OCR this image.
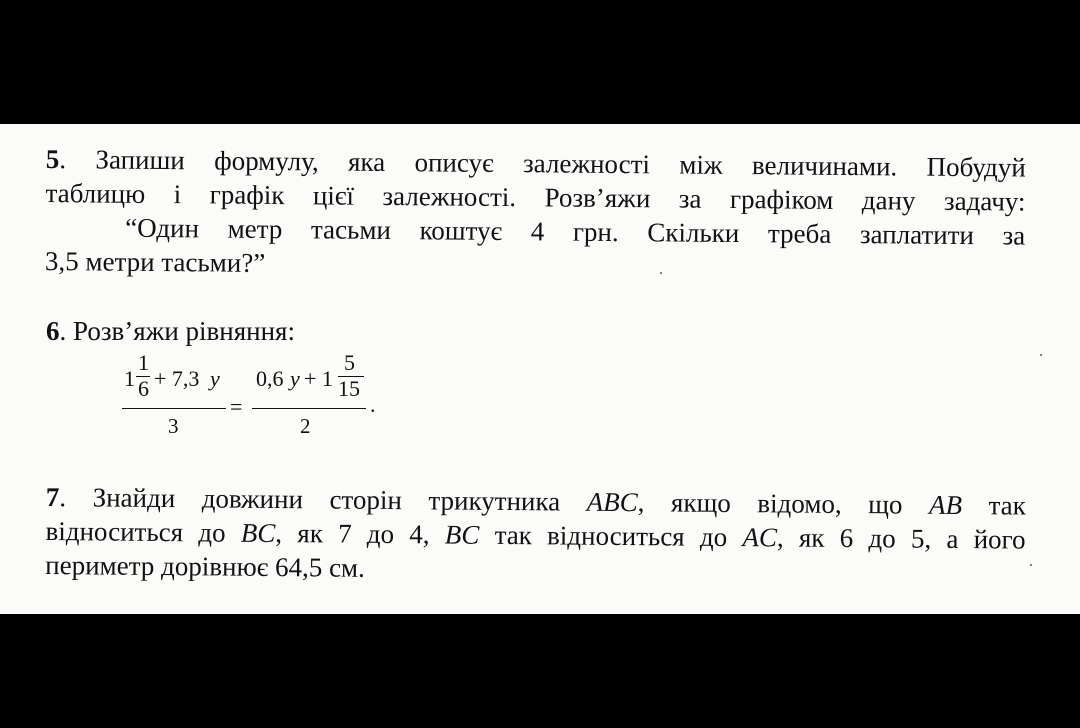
5. Запиши формулу, яка описує залежності між величинами. Побудуй

таблицю і графік цієї залежності. Розв’яжи за графіком дану задачу:

“Один метр тасьми коштує 4 грн. Скільки треба заплатити за

3,5 метри тасьми?”

6. Розв’яжи рівняння:

1
1
6 + 7,3 y
3
=
0,6 y + 1
5
15
2
.

7. Знайди довжини сторін трикутника ABC, якщо відомо, що AB так

відноситься до BC, як 7 до 4, BC так відноситься до AC, як 6 до 5, а його

периметр дорівнює 64,5 см.
